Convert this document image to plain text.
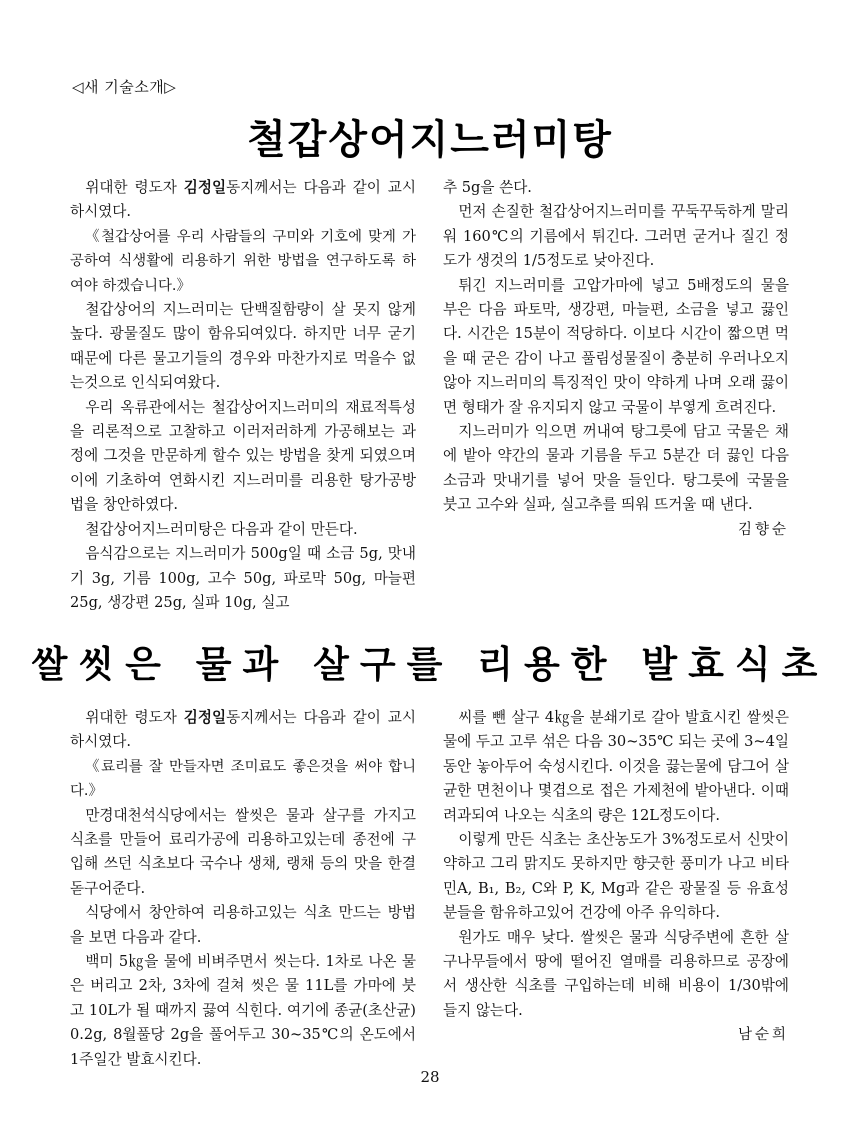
◁새 기술소개▷
철갑상어지느러미탕

위대한 령도자 김정일동지께서는 다음과 같이 교시하시였다.

《철갑상어를 우리 사람들의 구미와 기호에 맞게 가공하여 식생활에 리용하기 위한 방법을 연구하도록 하여야 하겠습니다.》

철갑상어의 지느러미는 단백질함량이 살 못지 않게 높다. 광물질도 많이 함유되여있다. 하지만 너무 굳기때문에 다른 물고기들의 경우와 마찬가지로 먹을수 없는것으로 인식되여왔다.

우리 옥류관에서는 철갑상어지느러미의 재료적특성을 리론적으로 고찰하고 이러저러하게 가공해보는 과정에 그것을 만문하게 할수 있는 방법을 찾게 되였으며 이에 기초하여 연화시킨 지느러미를 리용한 탕가공방법을 창안하였다.

철갑상어지느러미탕은 다음과 같이 만든다.

음식감으로는 지느러미가 500g일 때 소금 5g, 맛내기 3g, 기름 100g, 고수 50g, 파로막 50g, 마늘편 25g, 생강편 25g, 실파 10g, 실고

추 5g을 쓴다.

먼저 손질한 철갑상어지느러미를 꾸둑꾸둑하게 말리워 160℃의 기름에서 튀긴다. 그러면 굳거나 질긴 정도가 생것의 1/5정도로 낮아진다.

튀긴 지느러미를 고압가마에 넣고 5배정도의 물을 부은 다음 파토막, 생강편, 마늘편, 소금을 넣고 끓인다. 시간은 15분이 적당하다. 이보다 시간이 짧으면 먹을 때 굳은 감이 나고 풀림성물질이 충분히 우러나오지 않아 지느러미의 특징적인 맛이 약하게 나며 오래 끓이면 형태가 잘 유지되지 않고 국물이 부옇게 흐려진다.

지느러미가 익으면 꺼내여 탕그릇에 담고 국물은 채에 밭아 약간의 물과 기름을 두고 5분간 더 끓인 다음 소금과 맛내기를 넣어 맛을 들인다. 탕그릇에 국물을 붓고 고수와 실파, 실고추를 띄워 뜨거울 때 낸다.

김향순
쌀씻은 물과 살구를 리용한 발효식초

위대한 령도자 김정일동지께서는 다음과 같이 교시하시였다.

《료리를 잘 만들자면 조미료도 좋은것을 써야 합니다.》

만경대천석식당에서는 쌀씻은 물과 살구를 가지고 식초를 만들어 료리가공에 리용하고있는데 종전에 구입해 쓰던 식초보다 국수나 생채, 랭채 등의 맛을 한결 돋구어준다.

식당에서 창안하여 리용하고있는 식초 만드는 방법을 보면 다음과 같다.

백미 5㎏을 물에 비벼주면서 씻는다. 1차로 나온 물은 버리고 2차, 3차에 걸쳐 씻은 물 11L를 가마에 붓고 10L가 될 때까지 끓여 식힌다. 여기에 종균(초산균) 0.2g, 8월풀당 2g을 풀어두고 30~35℃의 온도에서 1주일간 발효시킨다.

씨를 뺀 살구 4㎏을 분쇄기로 갈아 발효시킨 쌀씻은 물에 두고 고루 섞은 다음 30~35℃ 되는 곳에 3~4일동안 놓아두어 숙성시킨다. 이것을 끓는물에 담그어 살균한 면천이나 몇겹으로 접은 가제천에 밭아낸다. 이때 려과되여 나오는 식초의 량은 12L정도이다.

이렇게 만든 식초는 초산농도가 3%정도로서 신맛이 약하고 그리 맑지도 못하지만 향긋한 풍미가 나고 비타민A, B₁, B₂, C와 P, K, Mg과 같은 광물질 등 유효성분들을 함유하고있어 건강에 아주 유익하다.

원가도 매우 낮다. 쌀씻은 물과 식당주변에 흔한 살구나무들에서 땅에 떨어진 열매를 리용하므로 공장에서 생산한 식초를 구입하는데 비해 비용이 1/30밖에 들지 않는다.

남순희
28
